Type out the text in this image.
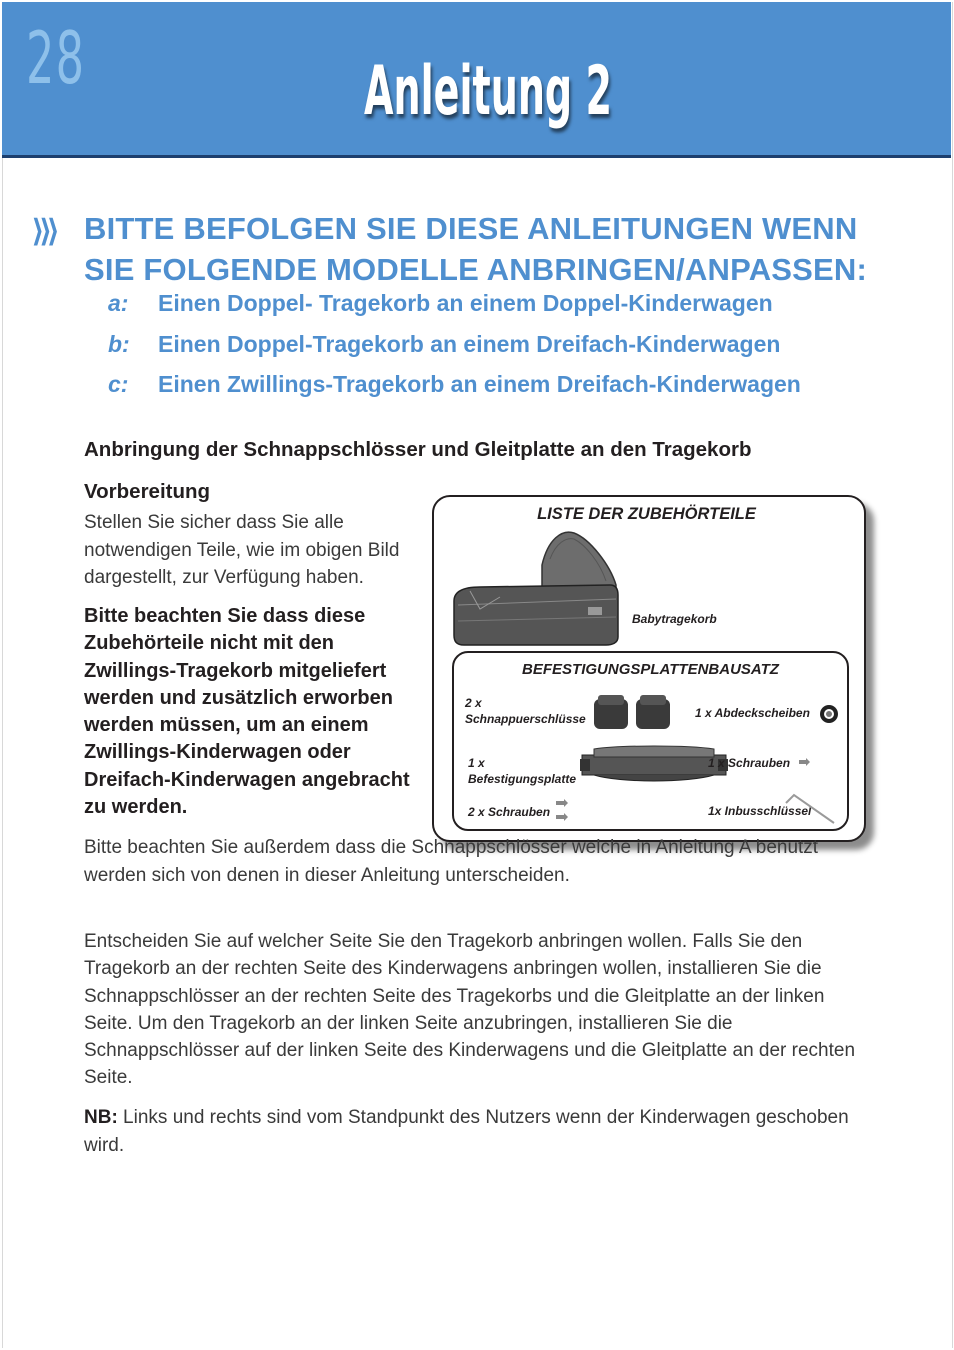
28	Anleitung 2
⟩⟩⟩ BITTE BEFOLGEN SIE DIESE ANLEITUNGEN WENN SIE FOLGENDE MODELLE ANBRINGEN/ANPASSEN:
a: Einen Doppel- Tragekorb an einem Doppel-Kinderwagen
b: Einen Doppel-Tragekorb an einem Dreifach-Kinderwagen
c: Einen Zwillings-Tragekorb an einem Dreifach-Kinderwagen
Anbringung der Schnappschlösser und Gleitplatte an den Tragekorb
Vorbereitung

Stellen Sie sicher dass Sie alle notwendigen Teile, wie im obigen Bild dargestellt, zur Verfügung haben.

Bitte beachten Sie dass diese Zubehörteile nicht mit den Zwillings-Tragekorb mitgeliefert werden und zusätzlich erworben werden müssen, um an einem Zwillings-Kinderwagen oder Dreifach-Kinderwagen angebracht zu werden.

LISTE DER ZUBEHÖRTEILE
Babytragekorb
BEFESTIGUNGSPLATTENBAUSATZ
2 x
Schnappuerschlüsse	1 x Abdeckscheiben
1 x
Befestigungsplatte
1 x Schrauben
2 x Schrauben	1x Inbusschlüssel

Bitte beachten Sie außerdem dass die Schnappschlösser welche in Anleitung A benutzt werden sich von denen in dieser Anleitung unterscheiden.

Entscheiden Sie auf welcher Seite Sie den Tragekorb anbringen wollen. Falls Sie den Tragekorb an der rechten Seite des Kinderwagens anbringen wollen, installieren Sie die Schnappschlösser an der rechten Seite des Tragekorbs und die Gleitplatte an der linken Seite. Um den Tragekorb an der linken Seite anzubringen, installieren Sie die Schnappschlösser auf der linken Seite des Kinderwagens und die Gleitplatte an der rechten Seite.

NB: Links und rechts sind vom Standpunkt des Nutzers wenn der Kinderwagen geschoben wird.
